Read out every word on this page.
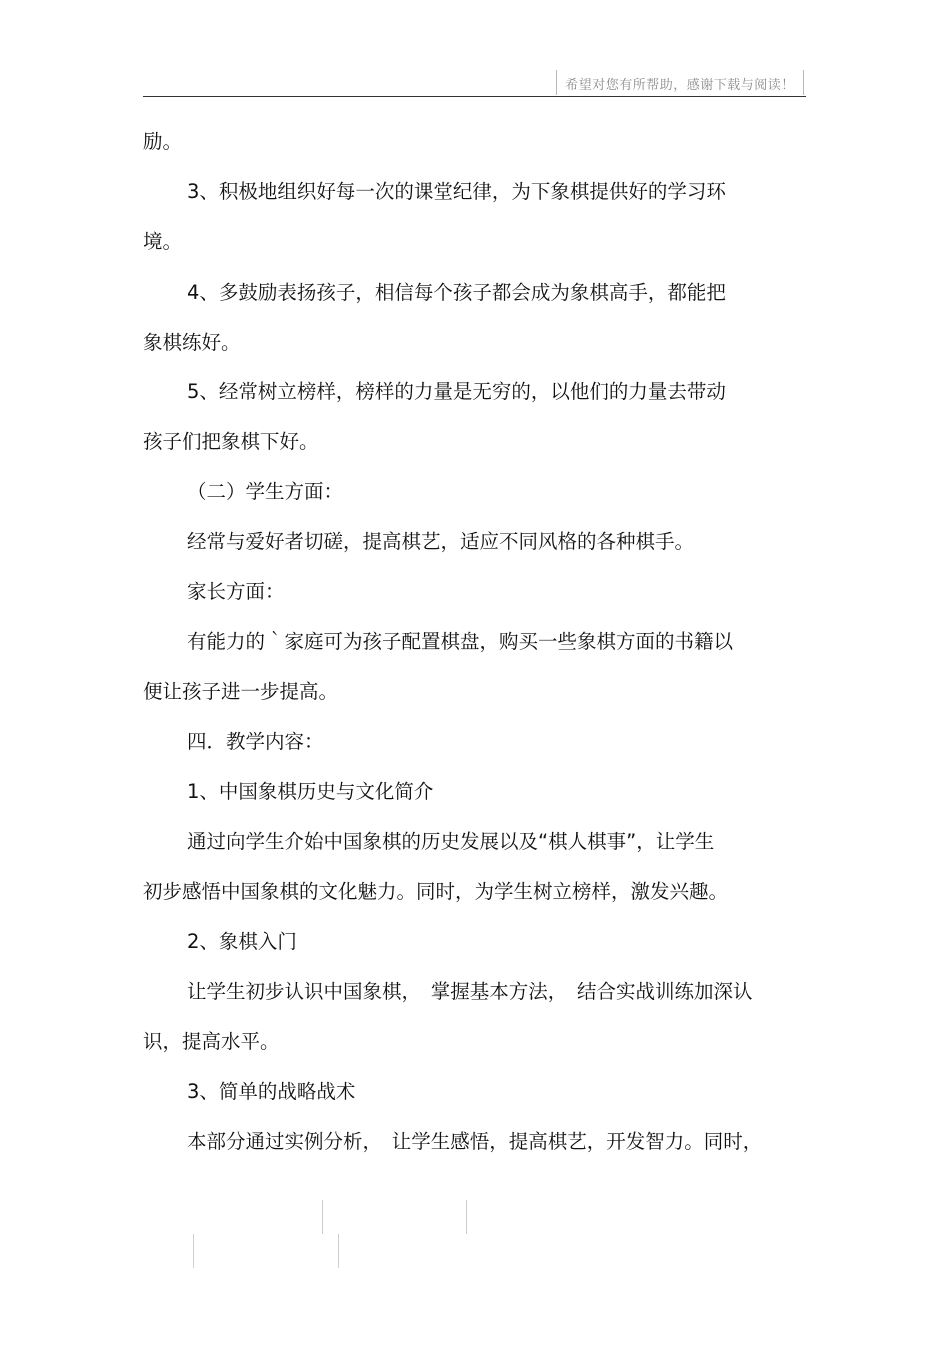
希望对您有所帮助，感谢下载与阅读！
励。
3、积极地组织好每一次的课堂纪律，为下象棋提供好的学习环
境。
4、多鼓励表扬孩子，相信每个孩子都会成为象棋高手，都能把
象棋练好。
5、经常树立榜样，榜样的力量是无穷的，以他们的力量去带动
孩子们把象棋下好。
（二）学生方面：
经常与爱好者切磋，提高棋艺，适应不同风格的各种棋手。
家长方面：
有能力的｀家庭可为孩子配置棋盘，购买一些象棋方面的书籍以
便让孩子进一步提高。
四．教学内容：
1、中国象棋历史与文化简介
通过向学生介始中国象棋的历史发展以及“棋人棋事”，让学生
初步感悟中国象棋的文化魅力。同时，为学生树立榜样，激发兴趣。
2、象棋入门
让学生初步认识中国象棋，　掌握基本方法，　结合实战训练加深认
识，提高水平。
3、简单的战略战术
本部分通过实例分析，　让学生感悟，提高棋艺，开发智力。同时，
